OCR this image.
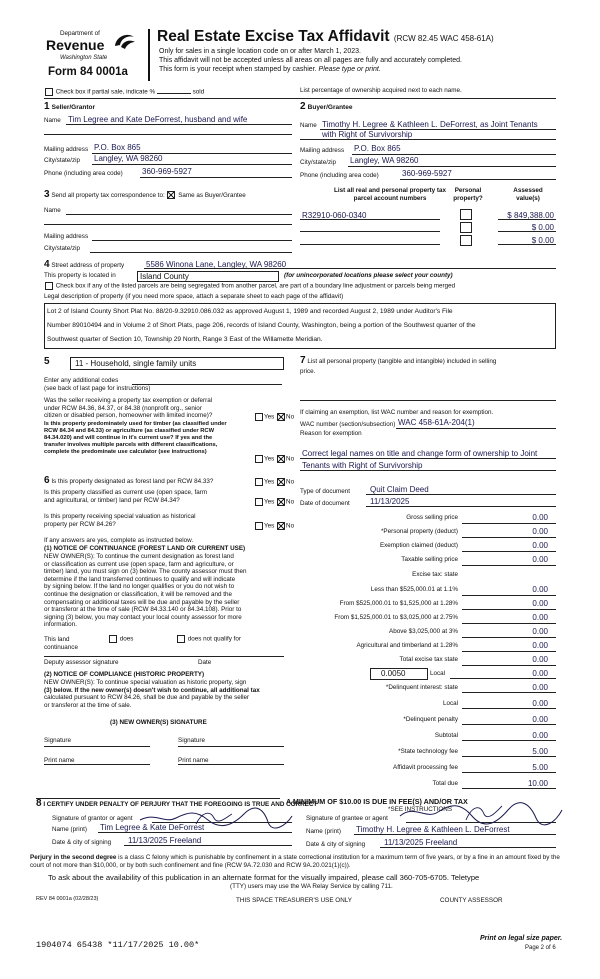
Department of
Revenue
Washington State
Form 84 0001a
Real Estate Excise Tax Affidavit (RCW 82.45 WAC 458-61A)
Only for sales in a single location code on or after March 1, 2023.
This affidavit will not be accepted unless all areas on all pages are fully and accurately completed.
This form is your receipt when stamped by cashier. Please type or print.
Check box if partial sale, indicate %	sold	List percentage of ownership acquired next to each name.
1 Seller/Grantor
Name Tim Legree and Kate DeForrest, husband and wife
Mailing address P.O. Box 865
City/state/zip Langley, WA 98260
Phone (including area code) 360-969-5927
2 Buyer/Grantee
Name Timothy H. Legree & Kathleen L. DeForrest, as Joint Tenants
with Right of Survivorship
Mailing address P.O. Box 865
City/state/zip Langley, WA 98260
Phone (including area code)	360-969-5927
3 Send all property tax correspondence to: Same as Buyer/Grantee
Name
Mailing address
City/state/zip
List all real and personal property tax
parcel account numbers
Personal
property?
Assessed
value(s)
R32910-060-0340	$ 849,388.00
$ 0.00
$ 0.00
4 Street address of property	5586 Winona Lane, Langley, WA 98260
This property is located in	Island County	(for unincorporated locations please select your county)
Check box if any of the listed parcels are being segregated from another parcel, are part of a boundary line adjustment or parcels being merged
Legal description of property (if you need more space, attach a separate sheet to each page of the affidavit)
Lot 2 of Island County Short Plat No. 88/20-9.32910.086.032 as approved August 1, 1989 and recorded August 2, 1989 under Auditor's File
Number 89010494 and in Volume 2 of Short Plats, page 206, records of Island County, Washington, being a portion of the Southwest quarter of the
Southwest quarter of Section 10, Township 29 North, Range 3 East of the Willamette Meridian.
5	11 - Household, single family units
Enter any additional codes
(see back of last page for instructions)
Was the seller receiving a property tax exemption or deferral
under RCW 84.36, 84.37, or 84.38 (nonprofit org., senior
citizen or disabled person, homeowner with limited income)?	Yes No
Is this property predominately used for timber (as classified under
RCW 84.34 and 84.33) or agriculture (as classified under RCW
84.34.020) and will continue in it's current use? If yes and the
transfer involves multiple parcels with different classifications,
complete the predominate use calculator (see instructions)
Yes No
6 Is this property designated as forest land per RCW 84.33?	Yes No
Is this property classified as current use (open space, farm
and agricultural, or timber) land per RCW 84.34?	Yes No
Is this property receiving special valuation as historical
property per RCW 84.26?	Yes No
If any answers are yes, complete as instructed below.
(1) NOTICE OF CONTINUANCE (FOREST LAND OR CURRENT USE)
NEW OWNER(S): To continue the current designation as forest land
or classification as current use (open space, farm and agriculture, or
timber) land, you must sign on (3) below. The county assessor must then
determine if the land transferred continues to qualify and will indicate
by signing below. If the land no longer qualifies or you do not wish to
continue the designation or classification, it will be removed and the
compensating or additional taxes will be due and payable by the seller
or transferor at the time of sale (RCW 84.33.140 or 84.34.108). Prior to
signing (3) below, you may contact your local county assessor for more
information.
This land
continuance
does	does not qualify for
Deputy assessor signature	Date
(2) NOTICE OF COMPLIANCE (HISTORIC PROPERTY)
NEW OWNER(S): To continue special valuation as historic property, sign
(3) below. If the new owner(s) doesn't wish to continue, all additional tax
calculated pursuant to RCW 84.26, shall be due and payable by the seller
or transferor at the time of sale.
(3) NEW OWNER(S) SIGNATURE
Signature	Signature
Print name	Print name
7 List all personal property (tangible and intangible) included in selling
price.
If claiming an exemption, list WAC number and reason for exemption.
WAC number (section/subsection) WAC 458-61A-204(1)
Reason for exemption
Correct legal names on title and change form of ownership to Joint
Tenants with Right of Survivorship
Type of document Quit Claim Deed
Date of document	11/13/2025
Gross selling price	0.00
*Personal property (deduct)	0.00
Exemption claimed (deduct)	0.00
Taxable selling price	0.00
Excise tax: state
Less than $525,000.01 at 1.1%	0.00
From $525,000.01 to $1,525,000 at 1.28%	0.00
From $1,525,000.01 to $3,025,000 at 2.75%	0.00
Above $3,025,000 at 3%	0.00
Agricultural and timberland at 1.28%	0.00
Total excise tax state	0.00
0.0050	Local	0.00
*Delinquent interest: state	0.00
Local	0.00
*Delinquent penalty	0.00
Subtotal	0.00
*State technology fee	5.00
Affidavit processing fee	5.00
Total due	10.00
A MINIMUM OF $10.00 IS DUE IN FEE(S) AND/OR TAX
*SEE INSTRUCTIONS
8 I CERTIFY UNDER PENALTY OF PERJURY THAT THE FOREGOING IS TRUE AND CORRECT
Signature of grantor or agent
Name (print) Tim Legree & Kate DeForrest
Date & city of signing 11/13/2025 Freeland
Signature of grantee or agent
Name (print) Timothy H. Legree & Kathleen L. DeForrest
Date & city of signing 11/13/2025 Freeland
Perjury in the second degree is a class C felony which is punishable by confinement in a state correctional institution for a maximum term of five years, or by a fine in an amount fixed by the court of not more than $10,000, or by both such confinement and fine (RCW 9A.72.030 and RCW 9A.20.021(1)(c)).
To ask about the availability of this publication in an alternate format for the visually impaired, please call 360-705-6705. Teletype
(TTY) users may use the WA Relay Service by calling 711.
REV 84 0001a (02/28/23)	THIS SPACE TREASURER'S USE ONLY	COUNTY ASSESSOR
1904074 65438 *11/17/2025 10.00*
Print on legal size paper.
Page 2 of 6
